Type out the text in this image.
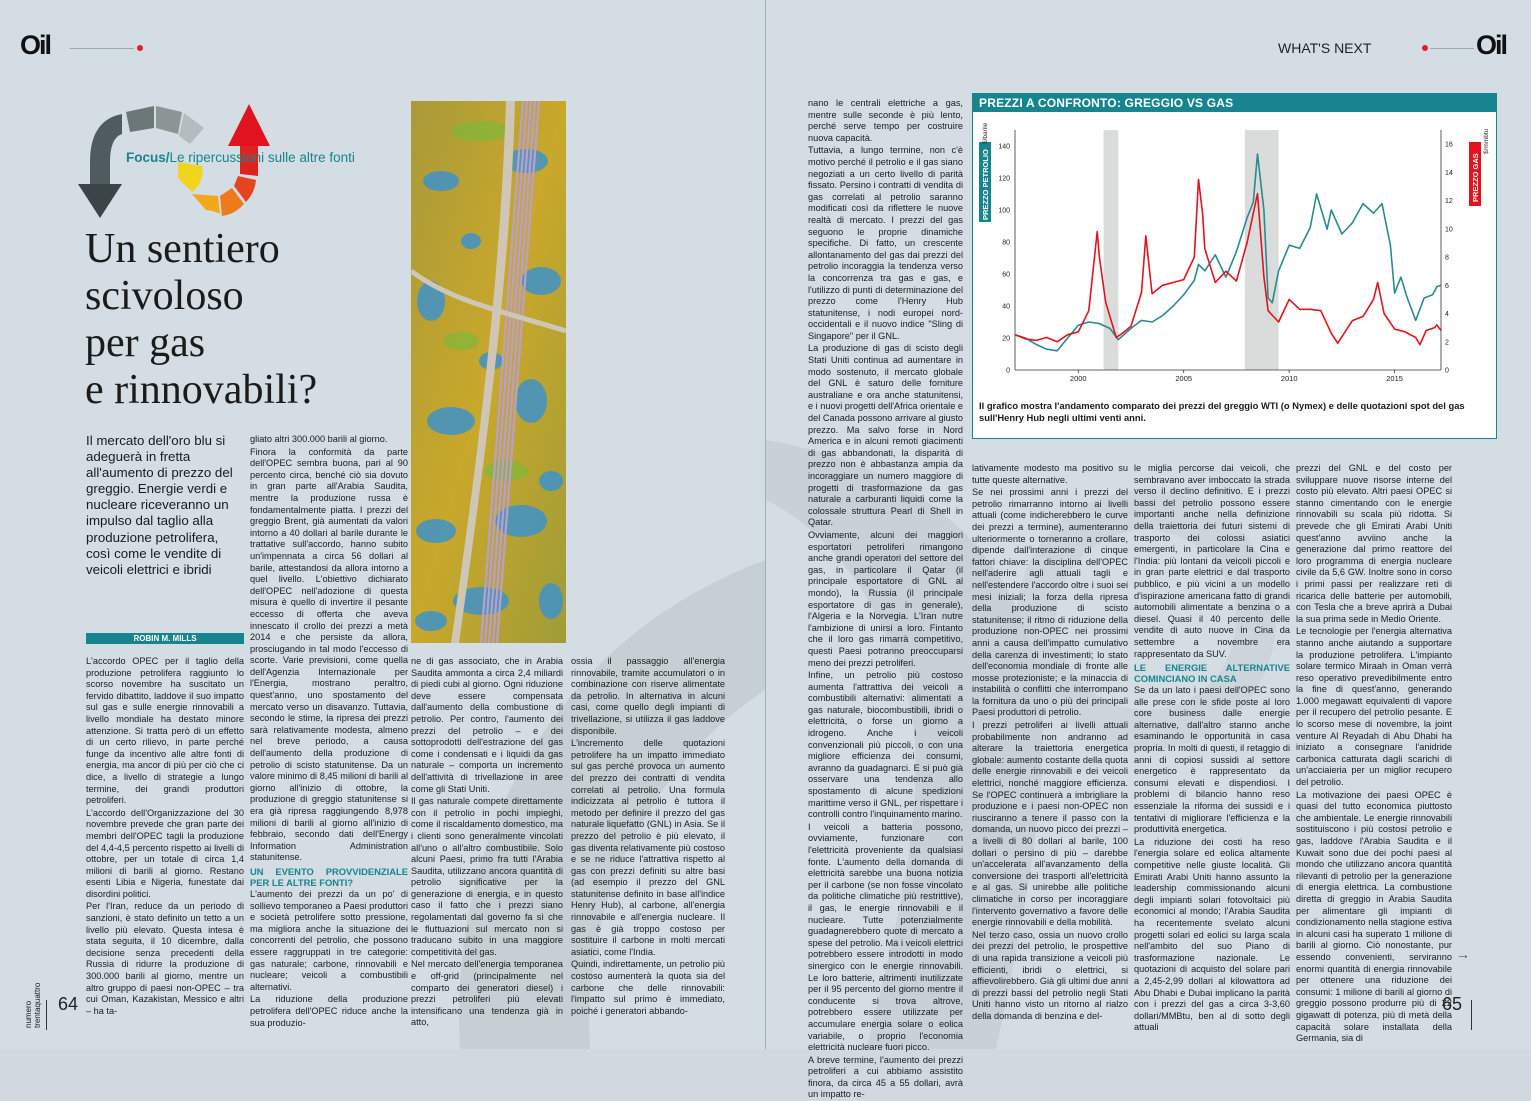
Oil
Focus/Le ripercussioni sulle altre fonti
Un sentiero
scivoloso
per gas
e rinnovabili?
Il mercato dell'oro blu si adeguerà in fretta all'aumento di prezzo del greggio. Energie verdi e nucleare riceveranno un impulso dal taglio alla produzione petrolifera, così come le vendite di veicoli elettrici e ibridi
ROBIN M. MILLS

L'accordo OPEC per il taglio della produzione petrolifera raggiunto lo scorso novembre ha suscitato un fervido dibattito, laddove il suo impatto sul gas e sulle energie rinnovabili a livello mondiale ha destato minore attenzione. Si tratta però di un effetto di un certo rilievo, in parte perché funge da incentivo alle altre fonti di energia, ma ancor di più per ciò che ci dice, a livello di strategie a lungo termine, dei grandi produttori petroliferi.

L'accordo dell'Organizzazione del 30 novembre prevede che gran parte dei membri dell'OPEC tagli la produzione del 4,4-4,5 percento rispetto ai livelli di ottobre, per un totale di circa 1,4 milioni di barili al giorno. Restano esenti Libia e Nigeria, funestate dai disordini politici.

Per l'Iran, reduce da un periodo di sanzioni, è stato definito un tetto a un livello più elevato. Questa intesa è stata seguita, il 10 dicembre, dalla decisione senza precedenti della Russia di ridurre la produzione di 300.000 barili al giorno, mentre un altro gruppo di paesi non-OPEC – tra cui Oman, Kazakistan, Messico e altri – ha ta-

gliato altri 300.000 barili al giorno.

Finora la conformità da parte dell'OPEC sembra buona, pari al 90 percento circa, benché ciò sia dovuto in gran parte all'Arabia Saudita, mentre la produzione russa è fondamentalmente piatta. I prezzi del greggio Brent, già aumentati da valori intorno a 40 dollari al barile durante le trattative sull'accordo, hanno subito un'impennata a circa 56 dollari al barile, attestandosi da allora intorno a quel livello. L'obiettivo dichiarato dell'OPEC nell'adozione di questa misura è quello di invertire il pesante eccesso di offerta che aveva innescato il crollo dei prezzi a metà 2014 e che persiste da allora, prosciugando in tal modo l'eccesso di scorte. Varie previsioni, come quella dell'Agenzia Internazionale per l'Energia, mostrano peraltro, quest'anno, uno spostamento del mercato verso un disavanzo. Tuttavia, secondo le stime, la ripresa dei prezzi sarà relativamente modesta, almeno nel breve periodo, a causa dell'aumento della produzione di petrolio di scisto statunitense. Da un valore minimo di 8,45 milioni di barili al giorno all'inizio di ottobre, la produzione di greggio statunitense si era già ripresa raggiungendo 8,978 milioni di barili al giorno all'inizio di febbraio, secondo dati dell'Energy Information Administration statunitense.

UN EVENTO PROVVIDENZIALE PER LE ALTRE FONTI?

L'aumento dei prezzi da un po' di sollievo temporaneo a Paesi produttori e società petrolifere sotto pressione, ma migliora anche la situazione dei concorrenti del petrolio, che possono essere raggruppati in tre categorie: gas naturale; carbone, rinnovabili e nucleare; veicoli a combustibili alternativi.

La riduzione della produzione petrolifera dell'OPEC riduce anche la sua produzio-

ne di gas associato, che in Arabia Saudita ammonta a circa 2,4 miliardi di piedi cubi al giorno. Ogni riduzione deve essere compensata dall'aumento della combustione di petrolio. Per contro, l'aumento dei prezzi del petrolio – e dei sottoprodotti dell'estrazione del gas come i condensati e i liquidi da gas naturale – comporta un incremento dell'attività di trivellazione in aree come gli Stati Uniti.

Il gas naturale compete direttamente con il petrolio in pochi impieghi, come il riscaldamento domestico, ma i clienti sono generalmente vincolati all'uno o all'altro combustibile. Solo alcuni Paesi, primo fra tutti l'Arabia Saudita, utilizzano ancora quantità di petrolio significative per la generazione di energia, e in questo caso il fatto che i prezzi siano regolamentati dal governo fa sì che le fluttuazioni sul mercato non si traducano subito in una maggiore competitività del gas.

Nel mercato dell'energia temporanea e off-grid (principalmente nel comparto dei generatori diesel) i prezzi petroliferi più elevati intensificano una tendenza già in atto,

ossia il passaggio all'energia rinnovabile, tramite accumulatori o in combinazione con riserve alimentate da petrolio. In alternativa in alcuni casi, come quello degli impianti di trivellazione, si utilizza il gas laddove disponibile.

L'incremento delle quotazioni petrolifere ha un impatto immediato sul gas perché provoca un aumento del prezzo dei contratti di vendita correlati al petrolio. Una formula indicizzata al petrolio è tuttora il metodo per definire il prezzo del gas naturale liquefatto (GNL) in Asia. Se il prezzo del petrolio è più elevato, il gas diventa relativamente più costoso e se ne riduce l'attrattiva rispetto al gas con prezzi definiti su altre basi (ad esempio il prezzo del GNL statunitense definito in base all'indice Henry Hub), al carbone, all'energia rinnovabile e all'energia nucleare. Il gas è già troppo costoso per sostituire il carbone in molti mercati asiatici, come l'India.

Quindi, indirettamente, un petrolio più costoso aumenterà la quota sia del carbone che delle rinnovabili: l'impatto sul primo è immediato, poiché i generatori abbando-

numero trentaquattro 64
WHAT'S NEXT	Oil

nano le centrali elettriche a gas, mentre sulle seconde è più lento, perché serve tempo per costruire nuova capacità.

Tuttavia, a lungo termine, non c'è motivo perché il petrolio e il gas siano negoziati a un certo livello di parità fissato. Persino i contratti di vendita di gas correlati al petrolio saranno modificati così da riflettere le nuove realtà di mercato. I prezzi del gas seguono le proprie dinamiche specifiche. Di fatto, un crescente allontanamento del gas dai prezzi del petrolio incoraggia la tendenza verso la concorrenza tra gas e gas, e l'utilizzo di punti di determinazione del prezzo come l'Henry Hub statunitense, i nodi europei nord-occidentali e il nuovo indice "Sling di Singapore" per il GNL.

La produzione di gas di scisto degli Stati Uniti continua ad aumentare in modo sostenuto, il mercato globale del GNL è saturo delle forniture australiane e ora anche statunitensi, e i nuovi progetti dell'Africa orientale e del Canada possono arrivare al giusto prezzo. Ma salvo forse in Nord America e in alcuni remoti giacimenti di gas abbandonati, la disparità di prezzo non è abbastanza ampia da incoraggiare un numero maggiore di progetti di trasformazione da gas naturale a carburanti liquidi come la colossale struttura Pearl di Shell in Qatar.

Ovviamente, alcuni dei maggiori esportatori petroliferi rimangono anche grandi operatori del settore del gas, in particolare il Qatar (il principale esportatore di GNL al mondo), la Russia (il principale esportatore di gas in generale), l'Algeria e la Norvegia. L'Iran nutre l'ambizione di unirsi a loro. Fintanto che il loro gas rimarrà competitivo, questi Paesi potranno preoccuparsi meno dei prezzi petroliferi.

Infine, un petrolio più costoso aumenta l'attrattiva dei veicoli a combustibili alternativi: alimentati a gas naturale, biocombustibili, ibridi o elettricità, o forse un giorno a idrogeno. Anche i veicoli convenzionali più piccoli, o con una migliore efficienza dei consumi, avranno da guadagnarci. E si può già osservare una tendenza allo spostamento di alcune spedizioni marittime verso il GNL, per rispettare i controlli contro l'inquinamento marino.

I veicoli a batteria possono, ovviamente, funzionare con l'elettricità proveniente da qualsiasi fonte. L'aumento della domanda di elettricità sarebbe una buona notizia per il carbone (se non fosse vincolato da politiche climatiche più restrittive), il gas, le energie rinnovabili e il nucleare. Tutte potenzialmente guadagnerebbero quote di mercato a spese del petrolio. Ma i veicoli elettrici potrebbero essere introdotti in modo sinergico con le energie rinnovabili. Le loro batterie, altrimenti inutilizzate per il 95 percento del giorno mentre il conducente si trova altrove, potrebbero essere utilizzate per accumulare energia solare o eolica variabile, o proprio l'economia elettricità nucleare fuori picco.

A breve termine, l'aumento dei prezzi petroliferi a cui abbiamo assistito finora, da circa 45 a 55 dollari, avrà un impatto re-

PREZZI A CONFRONTO: GREGGIO VS GAS
0
20
40
60
80
100
120
140
0
2
4
6
8
10
12
14
16
2000	2005	2010	2015
PREZZO PETROLIO
$/barile
PREZZO GAS
$/mmbtu
Il grafico mostra l'andamento comparato dei prezzi del greggio WTI (o Nymex) e delle quotazioni spot del gas sull'Henry Hub negli ultimi venti anni.

lativamente modesto ma positivo su tutte queste alternative.

Se nei prossimi anni i prezzi del petrolio rimarranno intorno ai livelli attuali (come indicherebbero le curve dei prezzi a termine), aumenteranno ulteriormente o torneranno a crollare, dipende dall'interazione di cinque fattori chiave: la disciplina dell'OPEC nell'aderire agli attuali tagli e nell'estendere l'accordo oltre i suoi sei mesi iniziali; la forza della ripresa della produzione di scisto statunitense; il ritmo di riduzione della produzione non-OPEC nei prossimi anni a causa dell'impatto cumulativo della carenza di investimenti; lo stato dell'economia mondiale di fronte alle mosse protezioniste; e la minaccia di instabilità o conflitti che interrompano la fornitura da uno o più dei principali Paesi produttori di petrolio.

I prezzi petroliferi ai livelli attuali probabilmente non andranno ad alterare la traiettoria energetica globale: aumento costante della quota delle energie rinnovabili e dei veicoli elettrici, nonché maggiore efficienza. Se l'OPEC continuerà a imbrigliare la produzione e i paesi non-OPEC non riusciranno a tenere il passo con la domanda, un nuovo picco dei prezzi – a livelli di 80 dollari al barile, 100 dollari o persino di più – darebbe un'accelerata all'avanzamento della conversione dei trasporti all'elettricità e al gas. Si unirebbe alle politiche climatiche in corso per incoraggiare l'intervento governativo a favore delle energie rinnovabili e della mobilità.

Nel terzo caso, ossia un nuovo crollo dei prezzi del petrolio, le prospettive di una rapida transizione a veicoli più efficienti, ibridi o elettrici, si affievolirebbero. Già gli ultimi due anni di prezzi bassi del petrolio negli Stati Uniti hanno visto un ritorno al rialzo della domanda di benzina e del-

le miglia percorse dai veicoli, che sembravano aver imboccato la strada verso il declino definitivo. E i prezzi bassi del petrolio possono essere importanti anche nella definizione della traiettoria dei futuri sistemi di trasporto dei colossi asiatici emergenti, in particolare la Cina e l'India: più lontani da veicoli piccoli e in gran parte elettrici e dal trasporto pubblico, e più vicini a un modello d'ispirazione americana fatto di grandi automobili alimentate a benzina o a diesel. Quasi il 40 percento delle vendite di auto nuove in Cina da settembre a novembre era rappresentato da SUV.

LE ENERGIE ALTERNATIVE COMINCIANO IN CASA

Se da un lato i paesi dell'OPEC sono alle prese con le sfide poste al loro core business dalle energie alternative, dall'altro stanno anche esaminando le opportunità in casa propria. In molti di questi, il retaggio di anni di copiosi sussidi al settore energetico è rappresentato da consumi elevati e dispendiosi. I problemi di bilancio hanno reso essenziale la riforma dei sussidi e i tentativi di migliorare l'efficienza e la produttività energetica.

La riduzione dei costi ha reso l'energia solare ed eolica altamente competitive nelle giuste località. Gli Emirati Arabi Uniti hanno assunto la leadership commissionando alcuni degli impianti solari fotovoltaici più economici al mondo; l'Arabia Saudita ha recentemente svelato alcuni progetti solari ed eolici su larga scala nell'ambito del suo Piano di trasformazione nazionale. Le quotazioni di acquisto del solare pari a 2,45-2,99 dollari al kilowattora ad Abu Dhabi e Dubai implicano la parità con i prezzi del gas a circa 3-3,60 dollari/MMBtu, ben al di sotto degli attuali

prezzi del GNL e del costo per sviluppare nuove risorse interne del costo più elevato. Altri paesi OPEC si stanno cimentando con le energie rinnovabili su scala più ridotta. Si prevede che gli Emirati Arabi Uniti quest'anno avviino anche la generazione dal primo reattore del loro programma di energia nucleare civile da 5,6 GW. Inoltre sono in corso i primi passi per realizzare reti di ricarica delle batterie per automobili, con Tesla che a breve aprirà a Dubai la sua prima sede in Medio Oriente.

Le tecnologie per l'energia alternativa stanno anche aiutando a supportare la produzione petrolifera. L'impianto solare termico Miraah in Oman verrà reso operativo prevedibilmente entro la fine di quest'anno, generando 1.000 megawatt equivalenti di vapore per il recupero del petrolio pesante. E lo scorso mese di novembre, la joint venture Al Reyadah di Abu Dhabi ha iniziato a consegnare l'anidride carbonica catturata dagli scarichi di un'acciaieria per un miglior recupero del petrolio.

La motivazione dei paesi OPEC è quasi del tutto economica piuttosto che ambientale. Le energie rinnovabili sostituiscono i più costosi petrolio e gas, laddove l'Arabia Saudita e il Kuwait sono due dei pochi paesi al mondo che utilizzano ancora quantità rilevanti di petrolio per la generazione di energia elettrica. La combustione diretta di greggio in Arabia Saudita per alimentare gli impianti di condizionamento nella stagione estiva in alcuni casi ha superato 1 milione di barili al giorno. Ciò nonostante, pur essendo convenienti, serviranno enormi quantità di energia rinnovabile per ottenere una riduzione dei consumi: 1 milione di barili al giorno di greggio possono produrre più di 22 gigawatt di potenza, più di metà della capacità solare installata della Germania, sia di

→
65
